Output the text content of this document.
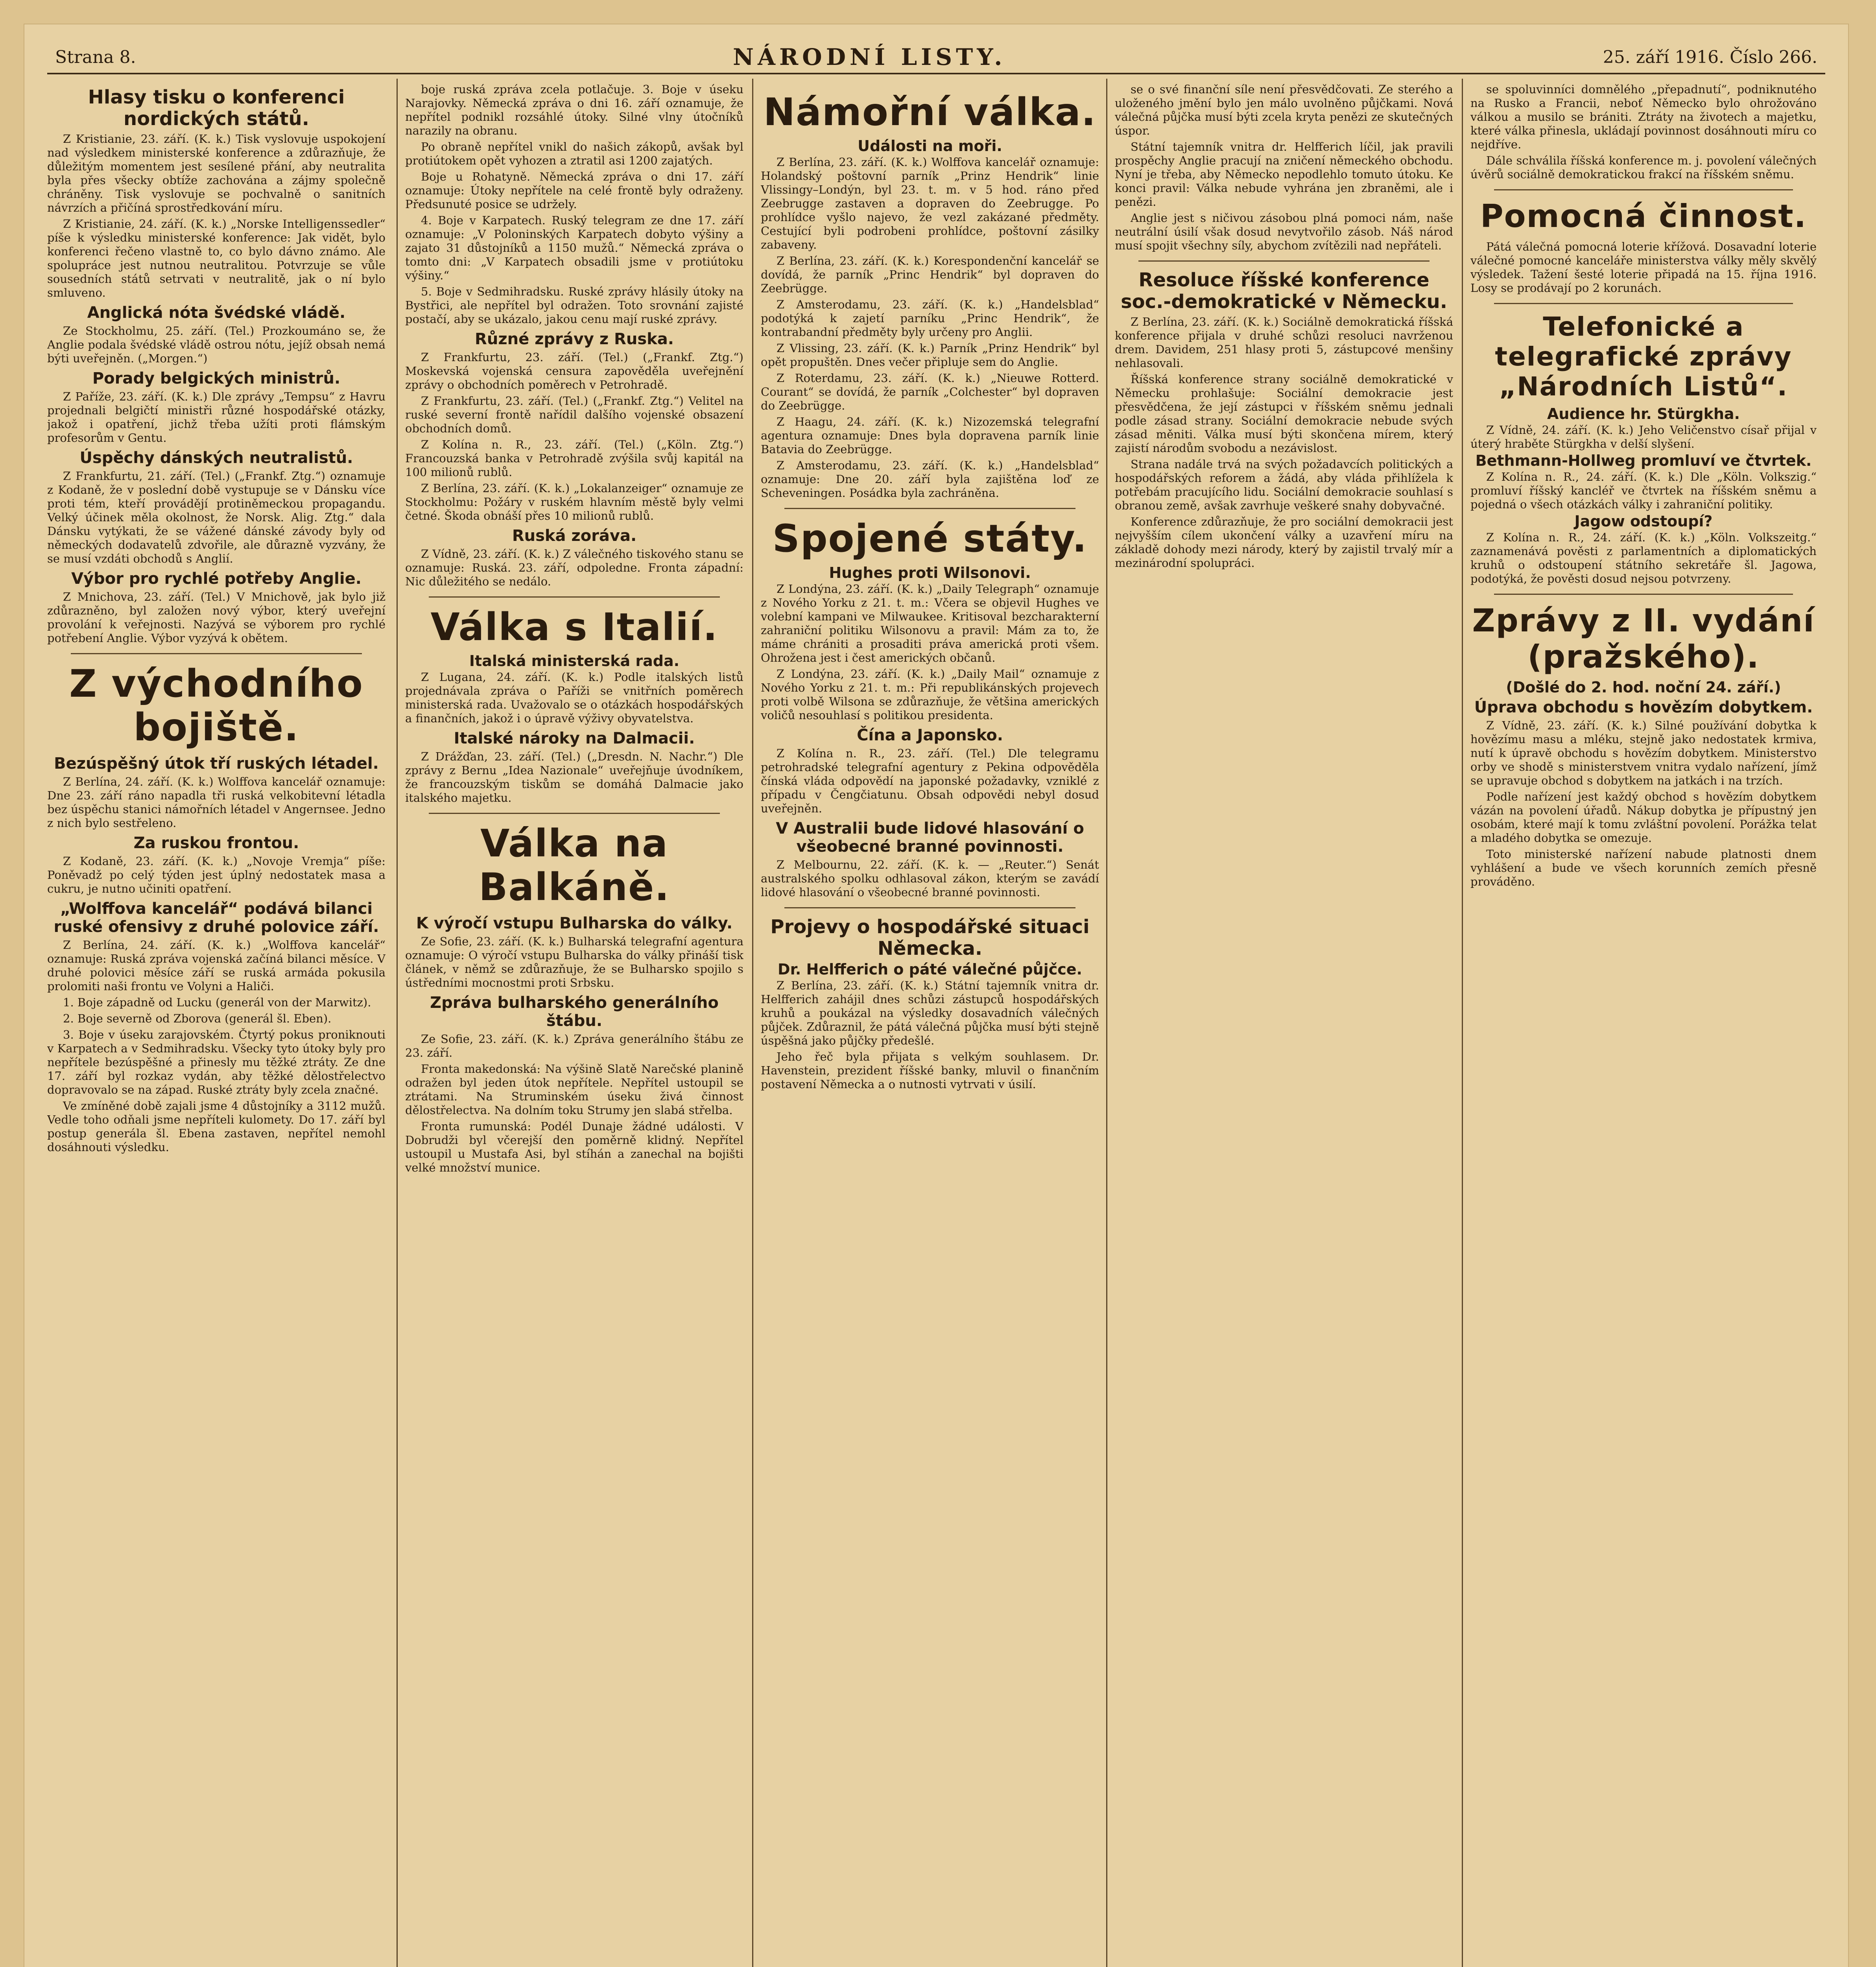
Strana 8.	NÁRODNÍ LISTY.	25. září 1916. Číslo 266.
Hlasy tisku o konferenci nordických států.

Z Kristianie, 23. září. (K. k.) Tisk vyslovuje uspokojení nad výsledkem ministerské konference a zdůrazňuje, že důležitým momentem jest sesílené přání, aby neutralita byla přes všecky obtíže zachována a zájmy společně chráněny. Tisk vyslovuje se pochvalně o sanitních návrzích a přičíná sprostředkování míru.

Z Kristianie, 24. září. (K. k.) „Norske Intelligenssedler“ píše k výsledku ministerské konference: Jak vidět, bylo konferenci řečeno vlastně to, co bylo dávno známo. Ale spolupráce jest nutnou neutralitou. Potvrzuje se vůle sousedních států setrvati v neutralitě, jak o ní bylo smluveno.

Anglická nóta švédské vládě.

Ze Stockholmu, 25. září. (Tel.) Prozkoumáno se, že Anglie podala švédské vládě ostrou nótu, jejíž obsah nemá býti uveřejněn. („Morgen.“)

Porady belgických ministrů.

Z Paříže, 23. září. (K. k.) Dle zprávy „Tempsu“ z Havru projednali belgičtí ministři různé hospodářské otázky, jakož i opatření, jichž třeba užíti proti flámským profesorům v Gentu.

Úspěchy dánských neutralistů.

Z Frankfurtu, 21. září. (Tel.) („Frankf. Ztg.“) oznamuje z Kodaně, že v poslední době vystupuje se v Dánsku více proti tém, kteří provádějí protiněmeckou propagandu. Velký účinek měla okolnost, že Norsk. Alig. Ztg.“ dala Dánsku vytýkati, že se vážené dánské závody byly od německých dodavatelů zdvořile, ale důrazně vyzvány, že se musí vzdáti obchodů s Anglií.

Výbor pro rychlé potřeby Anglie.

Z Mnichova, 23. září. (Tel.) V Mnichově, jak bylo již zdůrazněno, byl založen nový výbor, který uveřejní provolání k veřejnosti. Nazývá se výborem pro rychlé potřebení Anglie. Výbor vyzývá k obětem.

Z východního bojiště.
Bezúspěšný útok tří ruských létadel.

Z Berlína, 24. září. (K. k.) Wolffova kancelář oznamuje: Dne 23. září ráno napadla tři ruská velkobitevní létadla bez úspěchu stanici námořních létadel v Angernsee. Jedno z nich bylo sestřeleno.

Za ruskou frontou.

Z Kodaně, 23. září. (K. k.) „Novoje Vremja“ píše: Poněvadž po celý týden jest úplný nedostatek masa a cukru, je nutno učiniti opatření.

„Wolffova kancelář“ podává bilanci ruské ofensivy z druhé polovice září.

Z Berlína, 24. září. (K. k.) „Wolffova kancelář“ oznamuje: Ruská zpráva vojenská začíná bilanci měsíce. V druhé polovici měsíce září se ruská armáda pokusila prolomiti naši frontu ve Volyni a Haliči.

1. Boje západně od Lucku (generál von der Marwitz).

2. Boje severně od Zborova (generál šl. Eben).

3. Boje v úseku zarajovském. Čtyrtý pokus proniknouti v Karpatech a v Sedmihradsku. Všecky tyto útoky byly pro nepřítele bezúspěšné a přinesly mu těžké ztráty. Ze dne 17. září byl rozkaz vydán, aby těžké dělostřelectvo dopravovalo se na západ. Ruské ztráty byly zcela značné.

Ve zmíněné době zajali jsme 4 důstojníky a 3112 mužů. Vedle toho odňali jsme nepříteli kulomety. Do 17. září byl postup generála šl. Ebena zastaven, nepřítel nemohl dosáhnouti výsledku.

boje ruská zpráva zcela potlačuje. 3. Boje v úseku Narajovky. Německá zpráva o dni 16. září oznamuje, že nepřítel podnikl rozsáhlé útoky. Silné vlny útočníků narazily na obranu.

Po obraně nepřítel vnikl do našich zákopů, avšak byl protiútokem opět vyhozen a ztratil asi 1200 zajatých.

Boje u Rohatyně. Německá zpráva o dni 17. září oznamuje: Útoky nepřítele na celé frontě byly odraženy. Předsunuté posice se udržely.

4. Boje v Karpatech. Ruský telegram ze dne 17. září oznamuje: „V Poloninských Karpatech dobyto výšiny a zajato 31 důstojníků a 1150 mužů.“ Německá zpráva o tomto dni: „V Karpatech obsadili jsme v protiútoku výšiny.“

5. Boje v Sedmihradsku. Ruské zprávy hlásily útoky na Bystřici, ale nepřítel byl odražen. Toto srovnání zajisté postačí, aby se ukázalo, jakou cenu mají ruské zprávy.

Různé zprávy z Ruska.

Z Frankfurtu, 23. září. (Tel.) („Frankf. Ztg.“) Moskevská vojenská censura zapověděla uveřejnění zprávy o obchodních poměrech v Petrohradě.

Z Frankfurtu, 23. září. (Tel.) („Frankf. Ztg.“) Velitel na ruské severní frontě nařídil dalšího vojenské obsazení obchodních domů.

Z Kolína n. R., 23. září. (Tel.) („Köln. Ztg.“) Francouzská banka v Petrohradě zvýšila svůj kapitál na 100 milionů rublů.

Z Berlína, 23. září. (K. k.) „Lokalanzeiger“ oznamuje ze Stockholmu: Požáry v ruském hlavním městě byly velmi četné. Škoda obnáší přes 10 milionů rublů.

Ruská zoráva.

Z Vídně, 23. září. (K. k.) Z válečného tiskového stanu se oznamuje: Ruská. 23. září, odpoledne. Fronta západní: Nic důležitého se nedálo.

Válka s Italií.
Italská ministerská rada.

Z Lugana, 24. září. (K. k.) Podle italských listů projednávala zpráva o Paříži se vnitřních poměrech ministerská rada. Uvažovalo se o otázkách hospodářských a finančních, jakož i o úpravě výživy obyvatelstva.

Italské nároky na Dalmacii.

Z Drážďan, 23. září. (Tel.) („Dresdn. N. Nachr.“) Dle zprávy z Bernu „Idea Nazionale“ uveřejňuje úvodníkem, že francouzským tiskům se domáhá Dalmacie jako italského majetku.

Válka na Balkáně.
K výročí vstupu Bulharska do války.

Ze Sofie, 23. září. (K. k.) Bulharská telegrafní agentura oznamuje: O výročí vstupu Bulharska do války přináší tisk článek, v němž se zdůrazňuje, že se Bulharsko spojilo s ústředními mocnostmi proti Srbsku.

Zpráva bulharského generálního štábu.

Ze Sofie, 23. září. (K. k.) Zpráva generálního štábu ze 23. září.

Fronta makedonská: Na výšině Slatě Narečské planině odražen byl jeden útok nepřítele. Nepřítel ustoupil se ztrátami. Na Struminském úseku živá činnost dělostřelectva. Na dolním toku Strumy jen slabá střelba.

Fronta rumunská: Podél Dunaje žádné události. V Dobrudži byl včerejší den poměrně klidný. Nepřítel ustoupil u Mustafa Asi, byl stíhán a zanechal na bojišti velké množství munice.

Námořní válka.
Události na moři.

Z Berlína, 23. září. (K. k.) Wolffova kancelář oznamuje: Holandský poštovní parník „Prinz Hendrik“ linie Vlissingy–Londýn, byl 23. t. m. v 5 hod. ráno před Zeebrugge zastaven a dopraven do Zeebrugge. Po prohlídce vyšlo najevo, že vezl zakázané předměty. Cestující byli podrobeni prohlídce, poštovní zásilky zabaveny.

Z Berlína, 23. září. (K. k.) Korespondenční kancelář se dovídá, že parník „Princ Hendrik“ byl dopraven do Zeebrügge.

Z Amsterodamu, 23. září. (K. k.) „Handelsblad“ podotýká k zajetí parníku „Princ Hendrik“, že kontrabandní předměty byly určeny pro Anglii.

Z Vlissing, 23. září. (K. k.) Parník „Prinz Hendrik“ byl opět propuštěn. Dnes večer připluje sem do Anglie.

Z Roterdamu, 23. září. (K. k.) „Nieuwe Rotterd. Courant“ se dovídá, že parník „Colchester“ byl dopraven do Zeebrügge.

Z Haagu, 24. září. (K. k.) Nizozemská telegrafní agentura oznamuje: Dnes byla dopravena parník linie Batavia do Zeebrügge.

Z Amsterodamu, 23. září. (K. k.) „Handelsblad“ oznamuje: Dne 20. září byla zajištěna loď ze Scheveningen. Posádka byla zachráněna.

Spojené státy.
Hughes proti Wilsonovi.

Z Londýna, 23. září. (K. k.) „Daily Telegraph“ oznamuje z Nového Yorku z 21. t. m.: Včera se objevil Hughes ve volební kampani ve Milwaukee. Kritisoval bezcharakterní zahraniční politiku Wilsonovu a pravil: Mám za to, že máme chrániti a prosaditi práva americká proti všem. Ohrožena jest i čest amerických občanů.

Z Londýna, 23. září. (K. k.) „Daily Mail“ oznamuje z Nového Yorku z 21. t. m.: Při republikánských projevech proti volbě Wilsona se zdůrazňuje, že většina amerických voličů nesouhlasí s politikou presidenta.

Čína a Japonsko.

Z Kolína n. R., 23. září. (Tel.) Dle telegramu petrohradské telegrafní agentury z Pekina odpověděla čínská vláda odpovědí na japonské požadavky, vzniklé z případu v Čengčiatunu. Obsah odpovědi nebyl dosud uveřejněn.

V Australii bude lidové hlasování o všeobecné branné povinnosti.

Z Melbournu, 22. září. (K. k. — „Reuter.“) Senát australského spolku odhlasoval zákon, kterým se zavádí lidové hlasování o všeobecné branné povinnosti.

Projevy o hospodářské situaci Německa.
Dr. Helfferich o páté válečné půjčce.

Z Berlína, 23. září. (K. k.) Státní tajemník vnitra dr. Helfferich zahájil dnes schůzi zástupců hospodářských kruhů a poukázal na výsledky dosavadních válečných půjček. Zdůraznil, že pátá válečná půjčka musí býti stejně úspěšná jako půjčky předešlé.

Jeho řeč byla přijata s velkým souhlasem. Dr. Havenstein, prezident říšské banky, mluvil o finančním postavení Německa a o nutnosti vytrvati v úsilí.

se o své finanční síle není přesvědčovati. Ze sterého a uloženého jmění bylo jen málo uvolněno půjčkami. Nová válečná půjčka musí býti zcela kryta penězi ze skutečných úspor.

Státní tajemník vnitra dr. Helfferich líčil, jak pravili prospěchy Anglie pracují na zničení německého obchodu. Nyní je třeba, aby Německo nepodlehlo tomuto útoku. Ke konci pravil: Válka nebude vyhrána jen zbraněmi, ale i penězi.

Anglie jest s ničivou zásobou plná pomoci nám, naše neutrální úsilí však dosud nevytvořilo zásob. Náš národ musí spojit všechny síly, abychom zvítězili nad nepřáteli.

Resoluce říšské konference soc.-demokratické v Německu.

Z Berlína, 23. září. (K. k.) Sociálně demokratická říšská konference přijala v druhé schůzi resoluci navrženou drem. Davidem, 251 hlasy proti 5, zástupcové menšiny nehlasovali.

Říšská konference strany sociálně demokratické v Německu prohlašuje: Sociální demokracie jest přesvědčena, že její zástupci v říšském sněmu jednali podle zásad strany. Sociální demokracie nebude svých zásad měniti. Válka musí býti skončena mírem, který zajistí národům svobodu a nezávislost.

Strana nadále trvá na svých požadavcích politických a hospodářských reforem a žádá, aby vláda přihlížela k potřebám pracujícího lidu. Sociální demokracie souhlasí s obranou země, avšak zavrhuje veškeré snahy dobyvačné.

Konference zdůrazňuje, že pro sociální demokracii jest nejvyšším cílem ukončení války a uzavření míru na základě dohody mezi národy, který by zajistil trvalý mír a mezinárodní spolupráci.

se spoluvinníci domnělého „přepadnutí“, podniknutého na Rusko a Francii, neboť Německo bylo ohrožováno válkou a musilo se brániti. Ztráty na životech a majetku, které válka přinesla, ukládají povinnost dosáhnouti míru co nejdříve.

Dále schválila říšská konference m. j. povolení válečných úvěrů sociálně demokratickou frakcí na říšském sněmu.

Pomocná činnost.

Pátá válečná pomocná loterie křížová. Dosavadní loterie válečné pomocné kanceláře ministerstva války měly skvělý výsledek. Tažení šesté loterie připadá na 15. října 1916. Losy se prodávají po 2 korunách.

Telefonické a telegrafické zprávy „Národních Listů“.
Audience hr. Stürgkha.

Z Vídně, 24. září. (K. k.) Jeho Veličenstvo císař přijal v úterý hraběte Stürgkha v delší slyšení.

Bethmann-Hollweg promluví ve čtvrtek.

Z Kolína n. R., 24. září. (K. k.) Dle „Köln. Volkszig.“ promluví říšský kancléř ve čtvrtek na říšském sněmu a pojedná o všech otázkách války i zahraniční politiky.

Jagow odstoupí?

Z Kolína n. R., 24. září. (K. k.) „Köln. Volkszeitg.“ zaznamenává pověsti z parlamentních a diplomatických kruhů o odstoupení státního sekretáře šl. Jagowa, podotýká, že pověsti dosud nejsou potvrzeny.

Zprávy z II. vydání (pražského).
(Došlé do 2. hod. noční 24. září.)
Úprava obchodu s hovězím dobytkem.

Z Vídně, 23. září. (K. k.) Silné používání dobytka k hovězímu masu a mléku, stejně jako nedostatek krmiva, nutí k úpravě obchodu s hovězím dobytkem. Ministerstvo orby ve shodě s ministerstvem vnitra vydalo nařízení, jímž se upravuje obchod s dobytkem na jatkách i na trzích.

Podle nařízení jest každý obchod s hovězím dobytkem vázán na povolení úřadů. Nákup dobytka je přípustný jen osobám, které mají k tomu zvláštní povolení. Porážka telat a mladého dobytka se omezuje.

Toto ministerské nařízení nabude platnosti dnem vyhlášení a bude ve všech korunních zemích přesně prováděno.
